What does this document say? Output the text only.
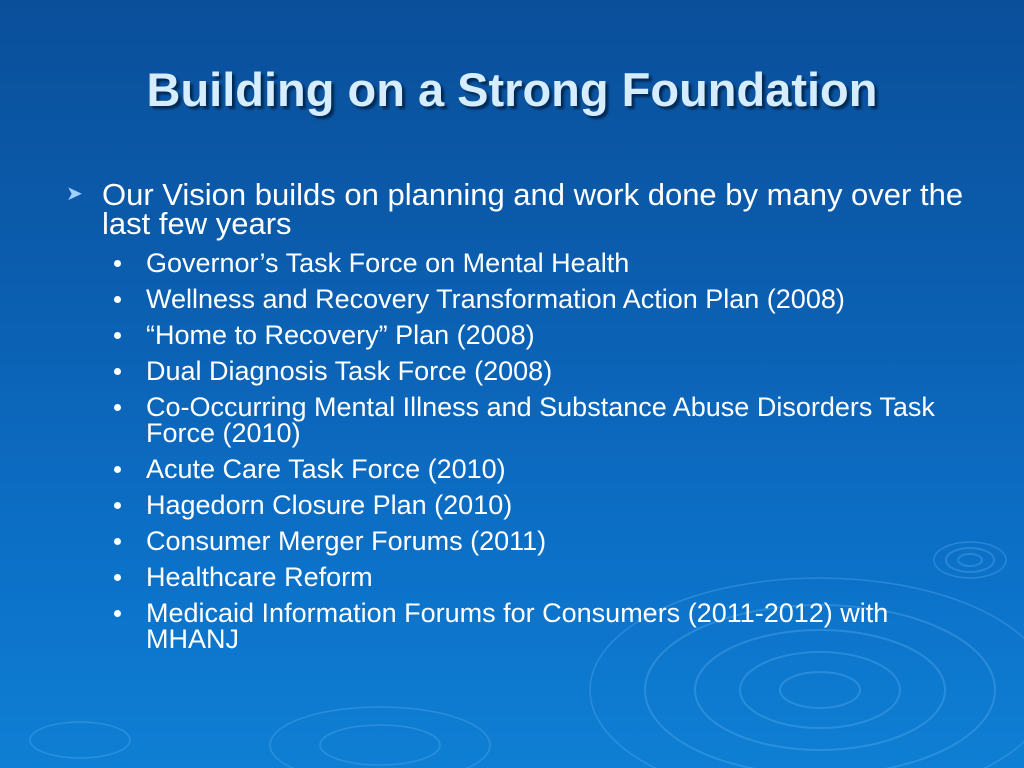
Building on a Strong Foundation

➤ Our Vision builds on planning and work done by many over the last few years

Governor’s Task Force on Mental Health
Wellness and Recovery Transformation Action Plan (2008)
“Home to Recovery” Plan (2008)
Dual Diagnosis Task Force (2008)
Co-Occurring Mental Illness and Substance Abuse Disorders Task Force (2010)
Acute Care Task Force (2010)
Hagedorn Closure Plan (2010)
Consumer Merger Forums (2011)
Healthcare Reform
Medicaid Information Forums for Consumers (2011-2012) with MHANJ
